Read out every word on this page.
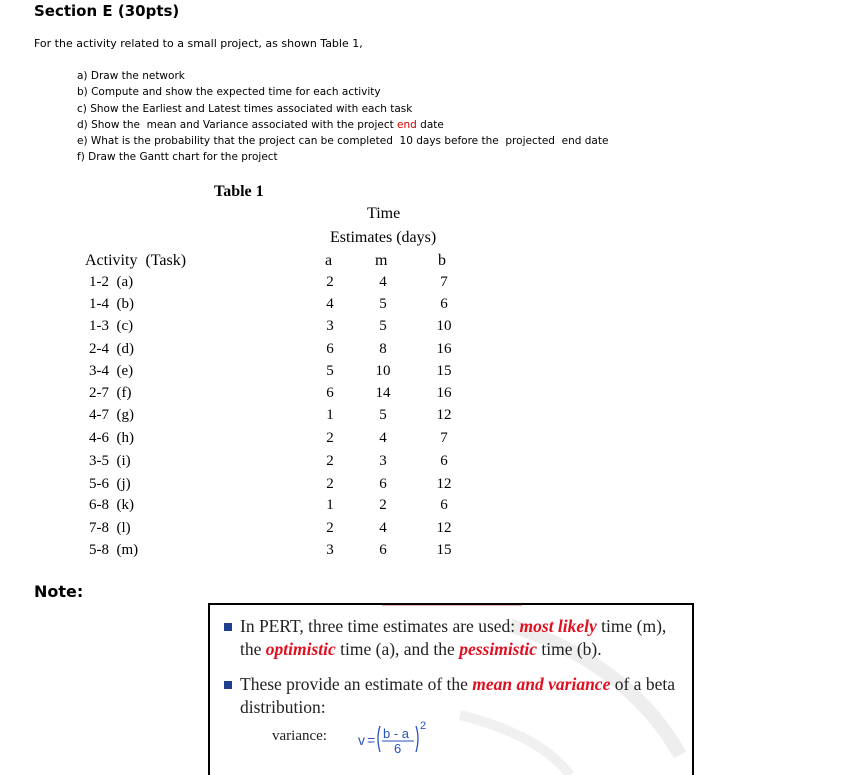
Section E (30pts)
For the activity related to a small project, as shown Table 1,
a) Draw the network
b) Compute and show the expected time for each activity
c) Show the Earliest and Latest times associated with each task
d) Show the  mean and Variance associated with the project end date
e) What is the probability that the project can be completed  10 days before the  projected  end date
f) Draw the Gantt chart for the project
Table 1
Time
Estimates (days)
Activity  (Task)	a	m	b
1-2  (a)	2	4	7
1-4  (b)	4	5	6
1-3  (c)	3	5	10
2-4  (d)	6	8	16
3-4  (e)	5	10	15
2-7  (f)	6	14	16
4-7  (g)	1	5	12
4-6  (h)	2	4	7
3-5  (i)	2	3	6
5-6  (j)	2	6	12
6-8  (k)	1	2	6
7-8  (l)	2	4	12
5-8  (m)	3	6	15
Note:
In PERT, three time estimates are used: most likely time (m), the optimistic time (a), and the pessimistic time (b).
These provide an estimate of the mean and variance of a beta distribution:
variance: v = b - a
6
2
